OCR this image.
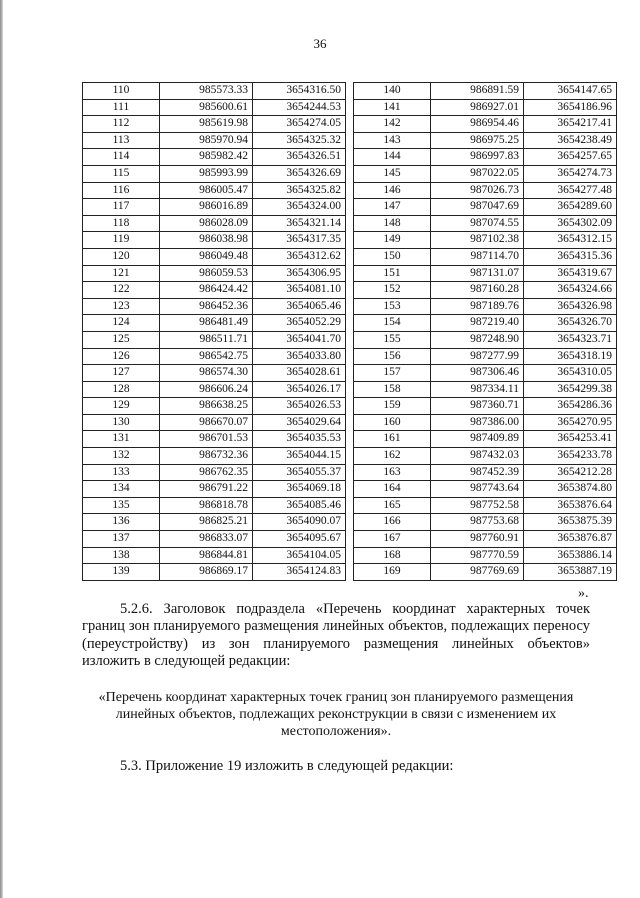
36
110	985573.33	3654316.50
111	985600.61	3654244.53
112	985619.98	3654274.05
113	985970.94	3654325.32
114	985982.42	3654326.51
115	985993.99	3654326.69
116	986005.47	3654325.82
117	986016.89	3654324.00
118	986028.09	3654321.14
119	986038.98	3654317.35
120	986049.48	3654312.62
121	986059.53	3654306.95
122	986424.42	3654081.10
123	986452.36	3654065.46
124	986481.49	3654052.29
125	986511.71	3654041.70
126	986542.75	3654033.80
127	986574.30	3654028.61
128	986606.24	3654026.17
129	986638.25	3654026.53
130	986670.07	3654029.64
131	986701.53	3654035.53
132	986732.36	3654044.15
133	986762.35	3654055.37
134	986791.22	3654069.18
135	986818.78	3654085.46
136	986825.21	3654090.07
137	986833.07	3654095.67
138	986844.81	3654104.05
139	986869.17	3654124.83
140	986891.59	3654147.65
141	986927.01	3654186.96
142	986954.46	3654217.41
143	986975.25	3654238.49
144	986997.83	3654257.65
145	987022.05	3654274.73
146	987026.73	3654277.48
147	987047.69	3654289.60
148	987074.55	3654302.09
149	987102.38	3654312.15
150	987114.70	3654315.36
151	987131.07	3654319.67
152	987160.28	3654324.66
153	987189.76	3654326.98
154	987219.40	3654326.70
155	987248.90	3654323.71
156	987277.99	3654318.19
157	987306.46	3654310.05
158	987334.11	3654299.38
159	987360.71	3654286.36
160	987386.00	3654270.95
161	987409.89	3654253.41
162	987432.03	3654233.78
163	987452.39	3654212.28
164	987743.64	3653874.80
165	987752.58	3653876.64
166	987753.68	3653875.39
167	987760.91	3653876.87
168	987770.59	3653886.14
169	987769.69	3653887.19
».
5.2.6. Заголовок подраздела «Перечень координат характерных точек границ зон планируемого размещения линейных объектов, подлежащих переносу (переустройству) из зон планируемого размещения линейных объектов» изложить в следующей редакции:
«Перечень координат характерных точек границ зон планируемого размещения линейных объектов, подлежащих реконструкции в связи с изменением их местоположения».
5.3. Приложение 19 изложить в следующей редакции:
